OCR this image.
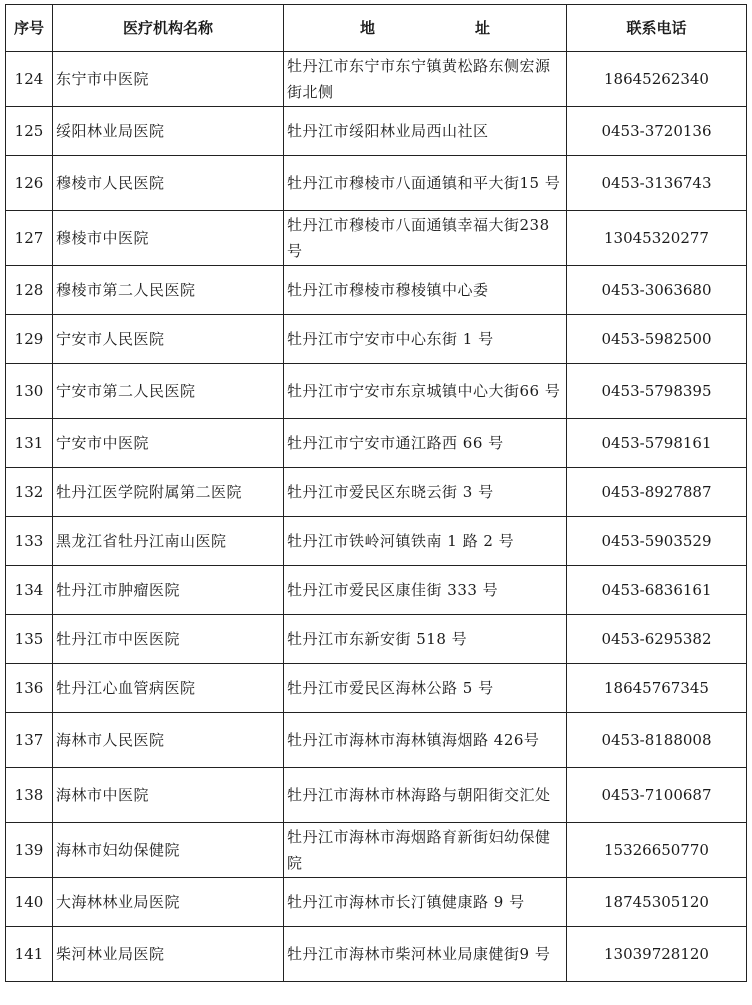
序号	医疗机构名称	地 址	联系电话
124	东宁市中医院	牡丹江市东宁市东宁镇黄松路东侧宏源街北侧	18645262340
125	绥阳林业局医院	牡丹江市绥阳林业局西山社区	0453-3720136
126	穆棱市人民医院	牡丹江市穆棱市八面通镇和平大街15 号	0453-3136743
127	穆棱市中医院	牡丹江市穆棱市八面通镇幸福大街238 号	13045320277
128	穆棱市第二人民医院	牡丹江市穆棱市穆棱镇中心委	0453-3063680
129	宁安市人民医院	牡丹江市宁安市中心东街 1 号	0453-5982500
130	宁安市第二人民医院	牡丹江市宁安市东京城镇中心大街66 号	0453-5798395
131	宁安市中医院	牡丹江市宁安市通江路西 66 号	0453-5798161
132	牡丹江医学院附属第二医院	牡丹江市爱民区东晓云街 3 号	0453-8927887
133	黑龙江省牡丹江南山医院	牡丹江市铁岭河镇铁南 1 路 2 号	0453-5903529
134	牡丹江市肿瘤医院	牡丹江市爱民区康佳街 333 号	0453-6836161
135	牡丹江市中医医院	牡丹江市东新安街 518 号	0453-6295382
136	牡丹江心血管病医院	牡丹江市爱民区海林公路 5 号	18645767345
137	海林市人民医院	牡丹江市海林市海林镇海烟路 426号	0453-8188008
138	海林市中医院	牡丹江市海林市林海路与朝阳街交汇处	0453-7100687
139	海林市妇幼保健院	牡丹江市海林市海烟路育新街妇幼保健院	15326650770
140	大海林林业局医院	牡丹江市海林市长汀镇健康路 9 号	18745305120
141	柴河林业局医院	牡丹江市海林市柴河林业局康健街9 号	13039728120
